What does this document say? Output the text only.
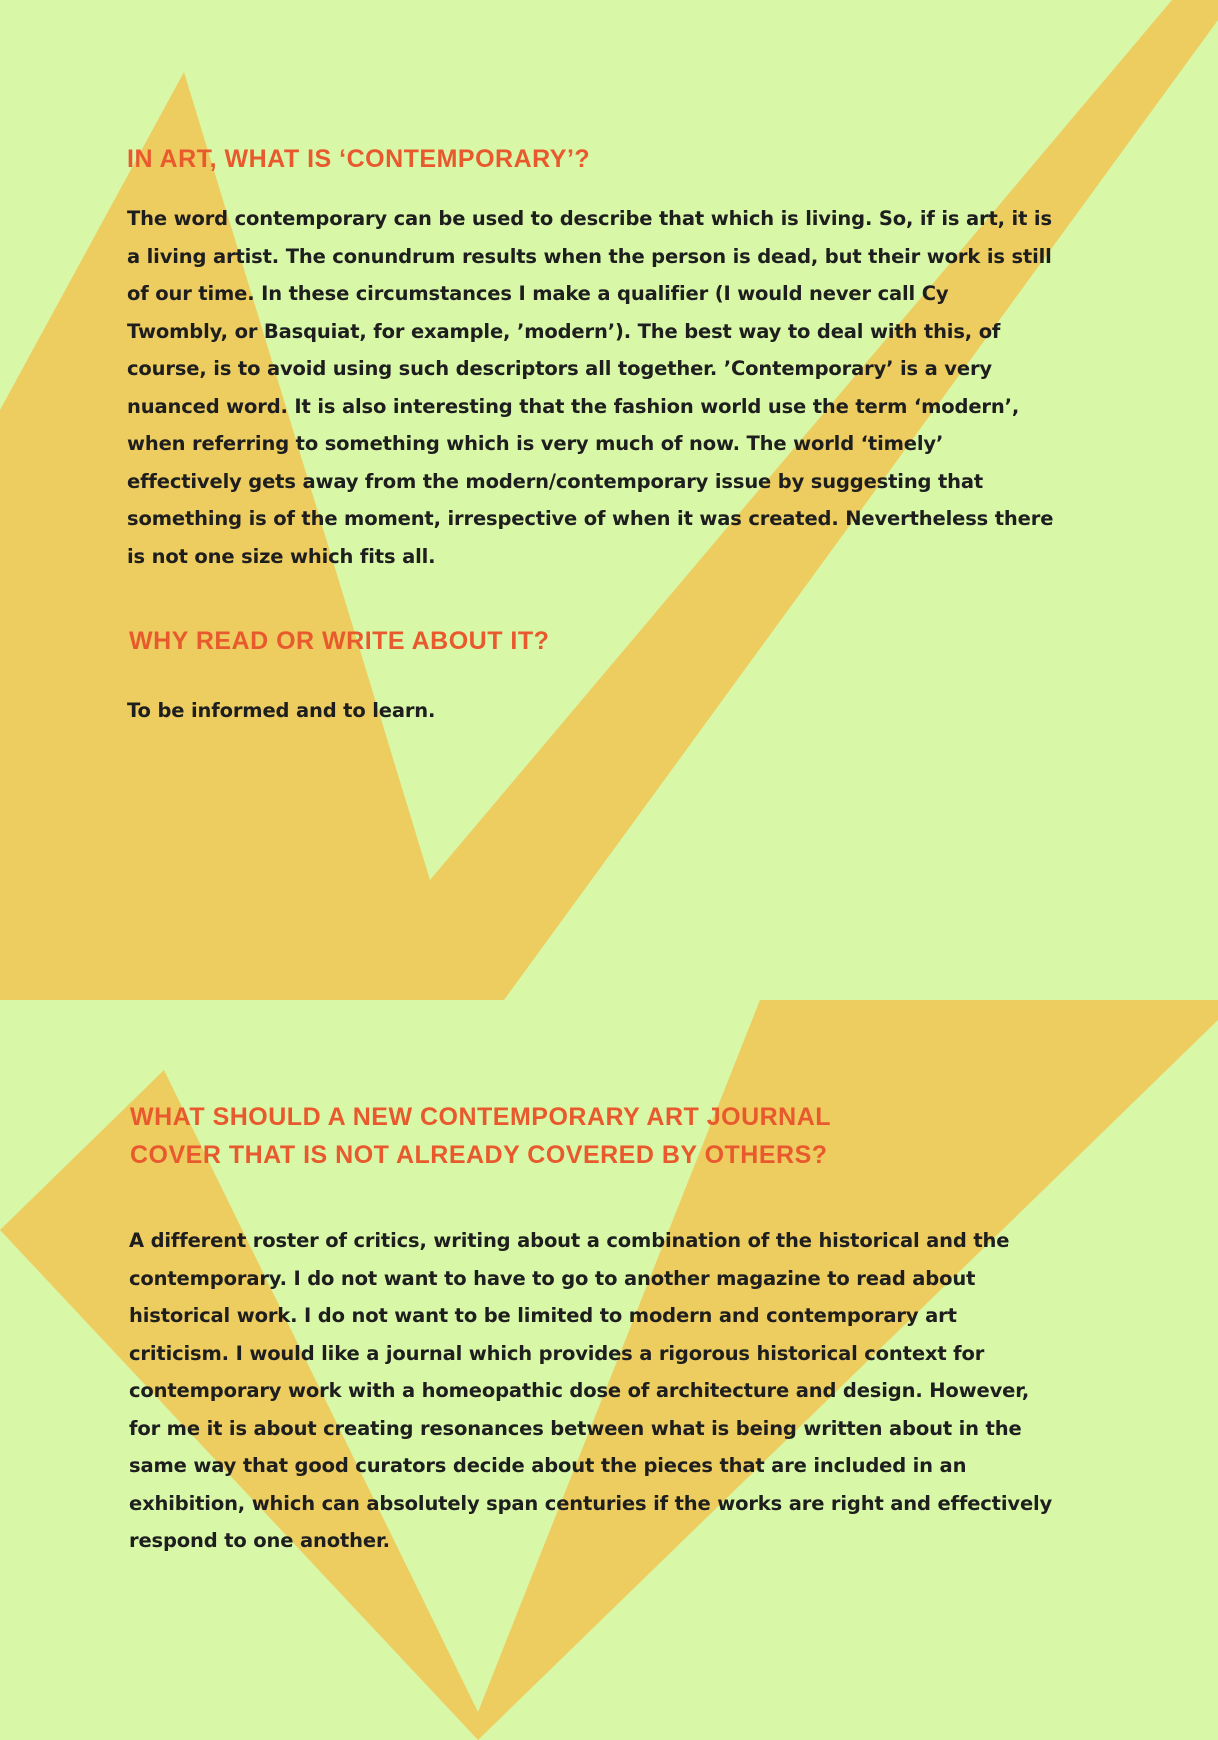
IN ART, WHAT IS ‘CONTEMPORARY’?
The word contemporary can be used to describe that which is living. So, if is art, it is
a living artist. The conundrum results when the person is dead, but their work is still
of our time. In these circumstances I make a qualifier (I would never call Cy
Twombly, or Basquiat, for example, ’modern’). The best way to deal with this, of
course, is to avoid using such descriptors all together. ’Contemporary’ is a very
nuanced word. It is also interesting that the fashion world use the term ‘modern’,
when referring to something which is very much of now. The world ‘timely’
effectively gets away from the modern/contemporary issue by suggesting that
something is of the moment, irrespective of when it was created. Nevertheless there
is not one size which fits all.
WHY READ OR WRITE ABOUT IT?
To be informed and to learn.
WHAT SHOULD A NEW CONTEMPORARY ART JOURNAL
COVER THAT IS NOT ALREADY COVERED BY OTHERS?
A different roster of critics, writing about a combination of the historical and the
contemporary. I do not want to have to go to another magazine to read about
historical work. I do not want to be limited to modern and contemporary art
criticism. I would like a journal which provides a rigorous historical context for
contemporary work with a homeopathic dose of architecture and design. However,
for me it is about creating resonances between what is being written about in the
same way that good curators decide about the pieces that are included in an
exhibition, which can absolutely span centuries if the works are right and effectively
respond to one another.
